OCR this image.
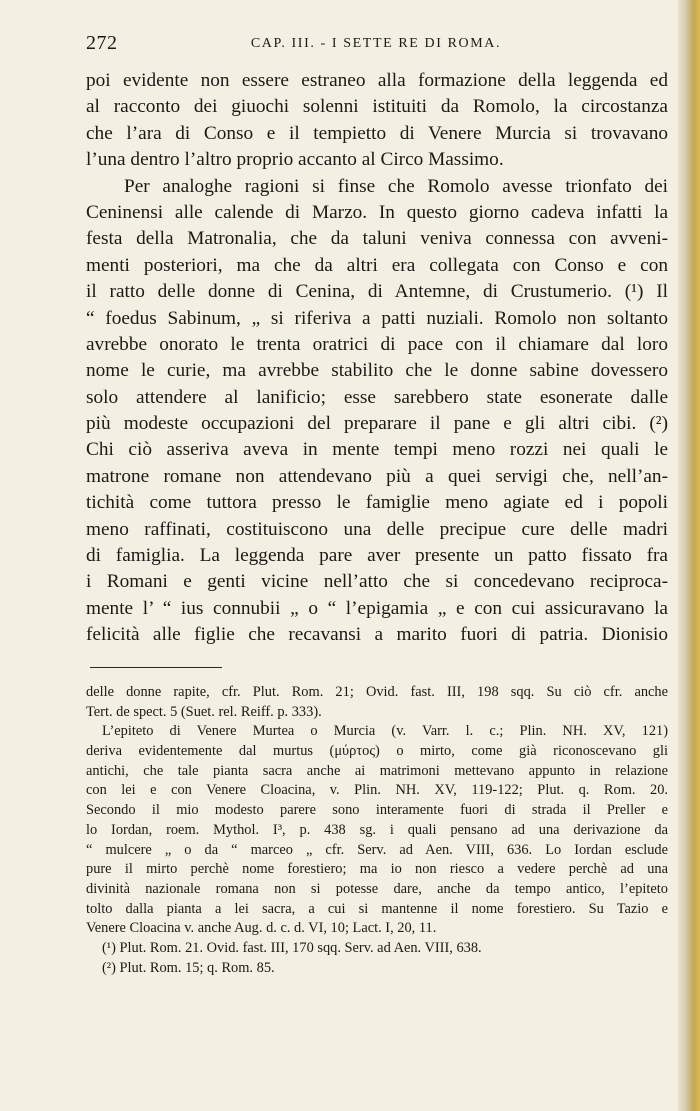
272	CAP. III. - I SETTE RE DI ROMA.
poi evidente non essere estraneo alla formazione della leggenda ed
al racconto dei giuochi solenni istituiti da Romolo, la circostanza
che l’ara di Conso e il tempietto di Venere Murcia si trovavano
l’una dentro l’altro proprio accanto al Circo Massimo.
Per analoghe ragioni si finse che Romolo avesse trionfato dei
Ceninensi alle calende di Marzo. In questo giorno cadeva infatti la
festa della Matronalia, che da taluni veniva connessa con avveni-
menti posteriori, ma che da altri era collegata con Conso e con
il ratto delle donne di Cenina, di Antemne, di Crustumerio. (¹) Il
“ foedus Sabinum, „ si riferiva a patti nuziali. Romolo non soltanto
avrebbe onorato le trenta oratrici di pace con il chiamare dal loro
nome le curie, ma avrebbe stabilito che le donne sabine dovessero
solo attendere al lanificio; esse sarebbero state esonerate dalle
più modeste occupazioni del preparare il pane e gli altri cibi. (²)
Chi ciò asseriva aveva in mente tempi meno rozzi nei quali le
matrone romane non attendevano più a quei servigi che, nell’an-
tichità come tuttora presso le famiglie meno agiate ed i popoli
meno raffinati, costituiscono una delle precipue cure delle madri
di famiglia. La leggenda pare aver presente un patto fissato fra
i Romani e genti vicine nell’atto che si concedevano reciproca-
mente l’ “ ius connubii „ o “ l’epigamia „ e con cui assicuravano la
felicità alle figlie che recavansi a marito fuori di patria. Dionisio
delle donne rapite, cfr. Plut. Rom. 21; Ovid. fast. III, 198 sqq. Su ciò cfr. anche
Tert. de spect. 5 (Suet. rel. Reiff. p. 333).
L’epiteto di Venere Murtea o Murcia (v. Varr. l. c.; Plin. NH. XV, 121)
deriva evidentemente dal murtus (μύρτος) o mirto, come già riconoscevano gli
antichi, che tale pianta sacra anche ai matrimoni mettevano appunto in relazione
con lei e con Venere Cloacina, v. Plin. NH. XV, 119-122; Plut. q. Rom. 20.
Secondo il mio modesto parere sono interamente fuori di strada il Preller e
lo Iordan, roem. Mythol. I³, p. 438 sg. i quali pensano ad una derivazione da
“ mulcere „ o da “ marceo „ cfr. Serv. ad Aen. VIII, 636. Lo Iordan esclude
pure il mirto perchè nome forestiero; ma io non riesco a vedere perchè ad una
divinità nazionale romana non si potesse dare, anche da tempo antico, l’epiteto
tolto dalla pianta a lei sacra, a cui si mantenne il nome forestiero. Su Tazio e
Venere Cloacina v. anche Aug. d. c. d. VI, 10; Lact. I, 20, 11.
(¹) Plut. Rom. 21. Ovid. fast. III, 170 sqq. Serv. ad Aen. VIII, 638.
(²) Plut. Rom. 15; q. Rom. 85.
